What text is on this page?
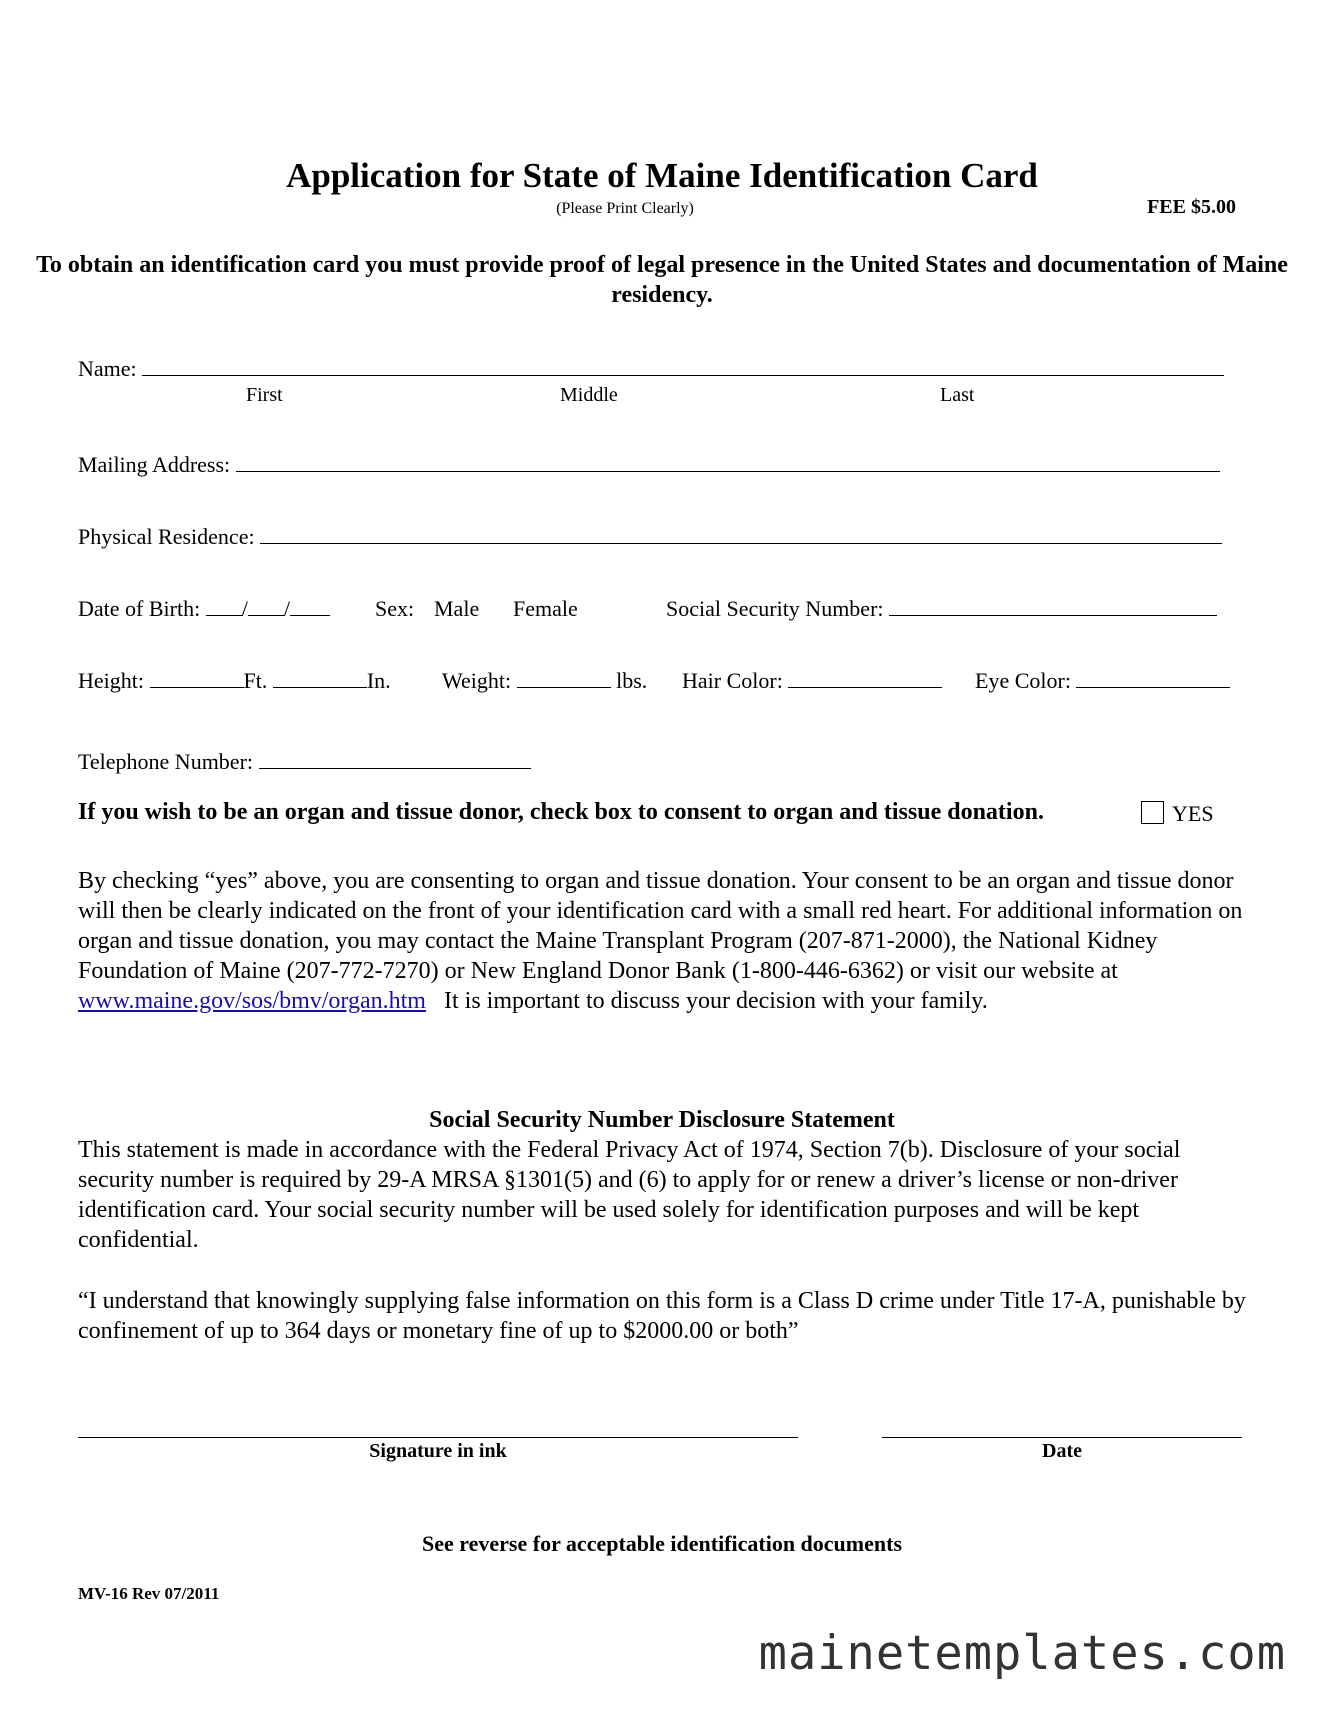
Application for State of Maine Identification Card
(Please Print Clearly)	FEE $5.00
To obtain an identification card you must provide proof of legal presence in the United States and documentation of Maine residency.
Name:
First	Middle	Last
Mailing Address:
Physical Residence:
Date of Birth: / /	Sex: Male Female	Social Security Number:
Height:	Ft.	In. Weight:	lbs. Hair Color:	Eye Color:
Telephone Number:
If you wish to be an organ and tissue donor, check box to consent to organ and tissue donation.	YES
By checking “yes” above, you are consenting to organ and tissue donation. Your consent to be an organ and tissue donor will then be clearly indicated on the front of your identification card with a small red heart. For additional information on organ and tissue donation, you may contact the Maine Transplant Program (207-871-2000), the National Kidney Foundation of Maine (207-772-7270) or New England Donor Bank (1-800-446-6362) or visit our website at www.maine.gov/sos/bmv/organ.htm It is important to discuss your decision with your family.
Social Security Number Disclosure Statement
This statement is made in accordance with the Federal Privacy Act of 1974, Section 7(b). Disclosure of your social security number is required by 29-A MRSA §1301(5) and (6) to apply for or renew a driver’s license or non-driver identification card. Your social security number will be used solely for identification purposes and will be kept confidential.
“I understand that knowingly supplying false information on this form is a Class D crime under Title 17-A, punishable by confinement of up to 364 days or monetary fine of up to $2000.00 or both”
Signature in ink	Date
See reverse for acceptable identification documents
MV-16 Rev 07/2011
mainetemplates.com
